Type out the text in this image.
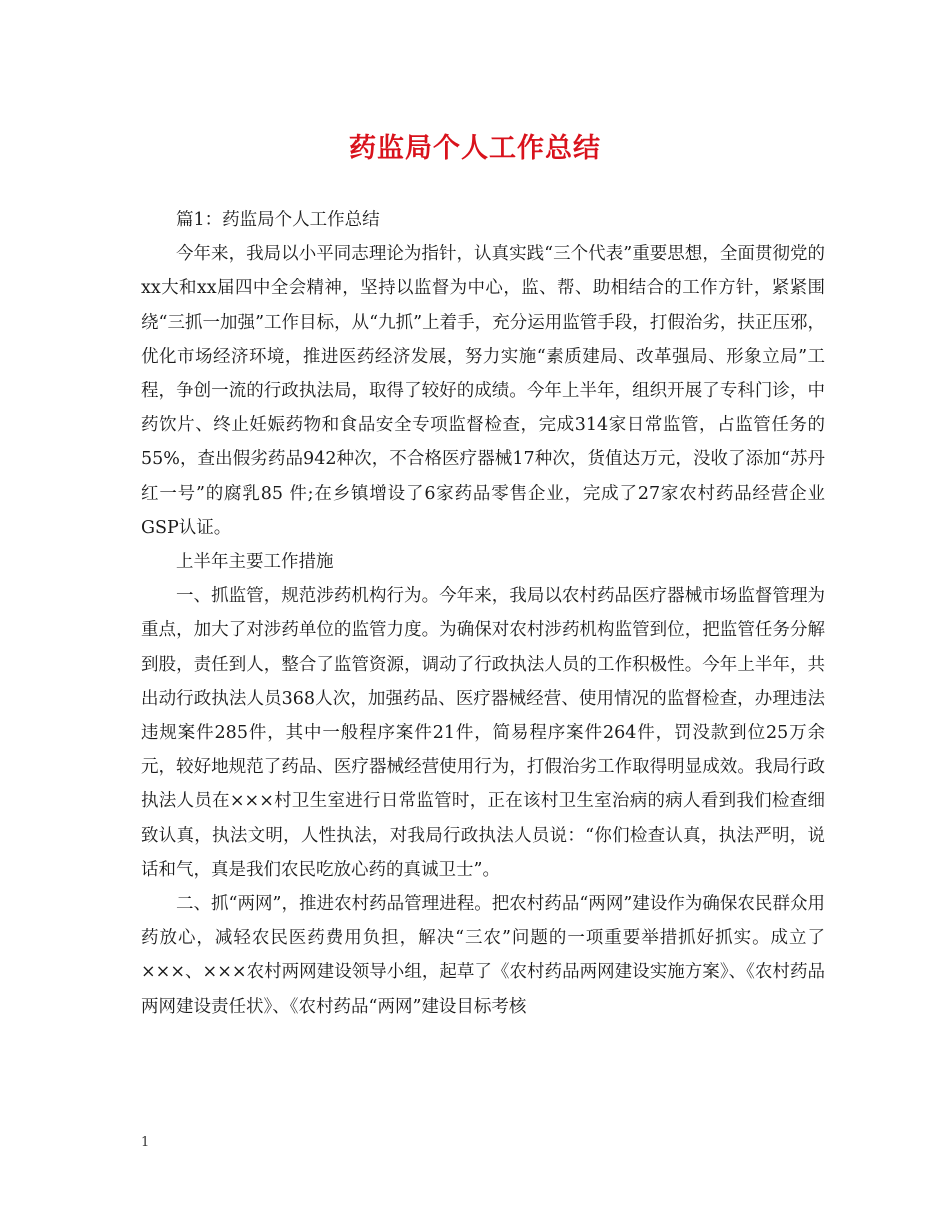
药监局个人工作总结

篇1：药监局个人工作总结

今年来，我局以小平同志理论为指针，认真实践“三个代表”重要思想，全面贯彻党的xx大和xx届四中全会精神，坚持以监督为中心，监、帮、助相结合的工作方针，紧紧围绕“三抓一加强”工作目标，从“九抓”上着手，充分运用监管手段，打假治劣，扶正压邪，优化市场经济环境，推进医药经济发展，努力实施“素质建局、改革强局、形象立局”工程，争创一流的行政执法局，取得了较好的成绩。今年上半年，组织开展了专科门诊，中药饮片、终止妊娠药物和食品安全专项监督检查，完成314家日常监管，占监管任务的55%，查出假劣药品942种次，不合格医疗器械17种次，货值达万元，没收了添加“苏丹红一号”的腐乳85 件;在乡镇增设了6家药品零售企业，完成了27家农村药品经营企业GSP认证。

上半年主要工作措施

一、抓监管，规范涉药机构行为。今年来，我局以农村药品医疗器械市场监督管理为重点，加大了对涉药单位的监管力度。为确保对农村涉药机构监管到位，把监管任务分解到股，责任到人，整合了监管资源，调动了行政执法人员的工作积极性。今年上半年，共出动行政执法人员368人次，加强药品、医疗器械经营、使用情况的监督检查，办理违法违规案件285件，其中一般程序案件21件，简易程序案件264件，罚没款到位25万余元，较好地规范了药品、医疗器械经营使用行为，打假治劣工作取得明显成效。我局行政执法人员在×××村卫生室进行日常监管时，正在该村卫生室治病的病人看到我们检查细致认真，执法文明，人性执法，对我局行政执法人员说：“你们检查认真，执法严明，说话和气，真是我们农民吃放心药的真诚卫士”。

二、抓“两网”，推进农村药品管理进程。把农村药品“两网”建设作为确保农民群众用药放心，减轻农民医药费用负担，解决“三农”问题的一项重要举措抓好抓实。成立了×××、×××农村两网建设领导小组，起草了《农村药品两网建设实施方案》、《农村药品两网建设责任状》、《农村药品“两网”建设目标考核

1
